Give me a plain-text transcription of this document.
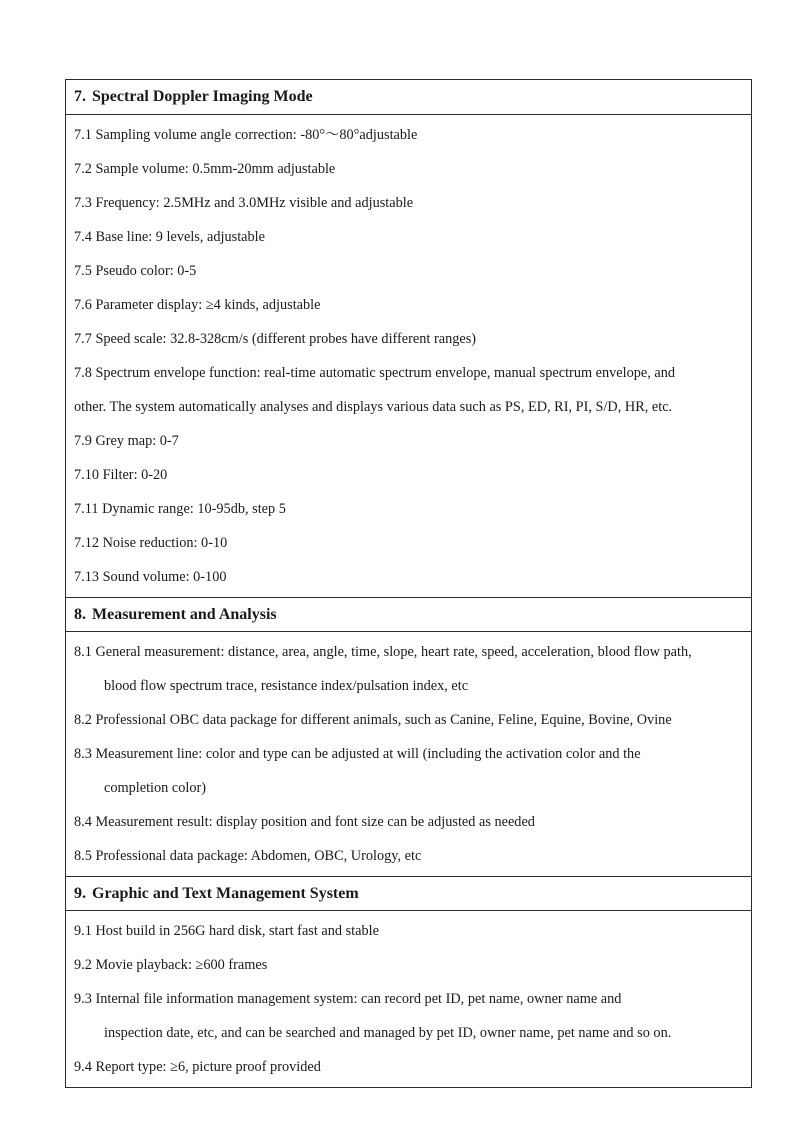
7. Spectral Doppler Imaging Mode
7.1 Sampling volume angle correction: -80°～80°adjustable
7.2 Sample volume: 0.5mm-20mm adjustable
7.3 Frequency: 2.5MHz and 3.0MHz visible and adjustable
7.4 Base line: 9 levels, adjustable
7.5 Pseudo color: 0-5
7.6 Parameter display: ≥4 kinds, adjustable
7.7 Speed scale: 32.8-328cm/s (different probes have different ranges)
7.8 Spectrum envelope function: real-time automatic spectrum envelope, manual spectrum envelope, and
other. The system automatically analyses and displays various data such as PS, ED, RI, PI, S/D, HR, etc.
7.9 Grey map: 0-7
7.10 Filter: 0-20
7.11 Dynamic range: 10-95db, step 5
7.12 Noise reduction: 0-10
7.13 Sound volume: 0-100
8. Measurement and Analysis
8.1 General measurement: distance, area, angle, time, slope, heart rate, speed, acceleration, blood flow path,
blood flow spectrum trace, resistance index/pulsation index, etc
8.2 Professional OBC data package for different animals, such as Canine, Feline, Equine, Bovine, Ovine
8.3 Measurement line: color and type can be adjusted at will (including the activation color and the
completion color)
8.4 Measurement result: display position and font size can be adjusted as needed
8.5 Professional data package: Abdomen, OBC, Urology, etc
9. Graphic and Text Management System
9.1 Host build in 256G hard disk, start fast and stable
9.2 Movie playback: ≥600 frames
9.3 Internal file information management system: can record pet ID, pet name, owner name and
inspection date, etc, and can be searched and managed by pet ID, owner name, pet name and so on.
9.4 Report type: ≥6, picture proof provided
